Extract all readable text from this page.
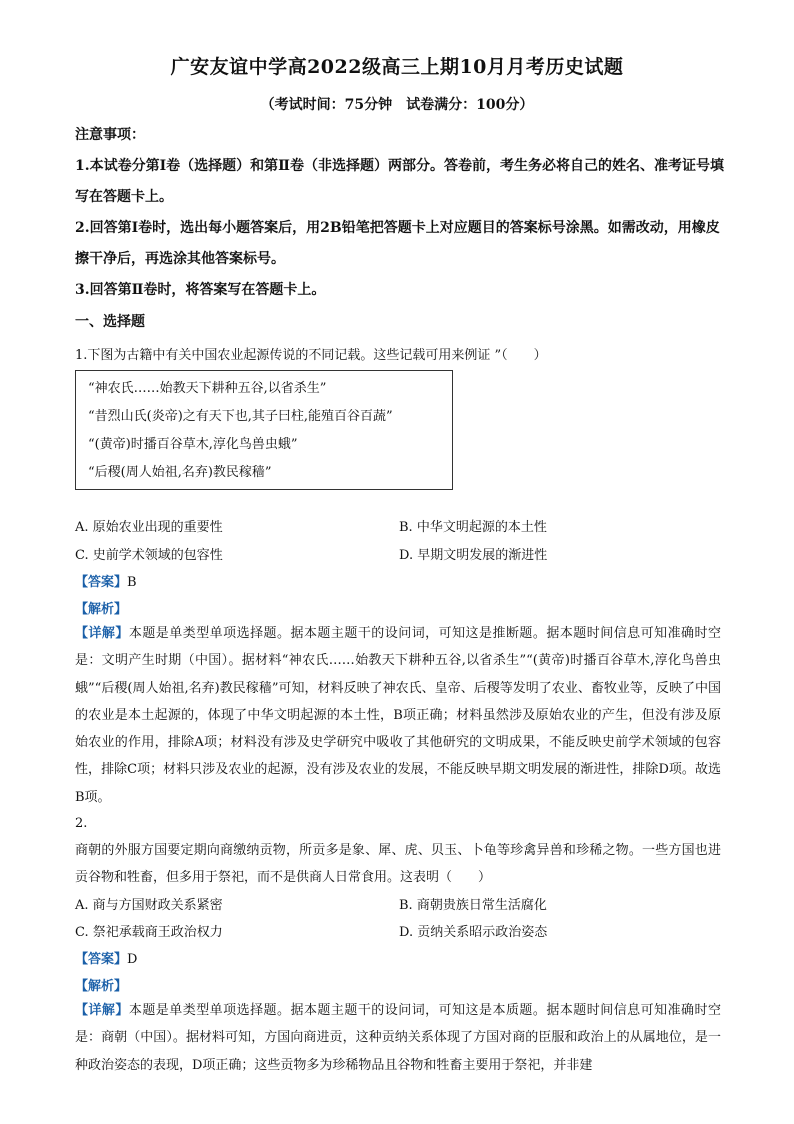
广安友谊中学高2022级高三上期10月月考历史试题
（考试时间：75分钟　试卷满分：100分）
注意事项：
1.本试卷分第Ⅰ卷（选择题）和第Ⅱ卷（非选择题）两部分。答卷前，考生务必将自己的姓名、准考证号填写在答题卡上。
2.回答第Ⅰ卷时，选出每小题答案后，用2B铅笔把答题卡上对应题目的答案标号涂黑。如需改动，用橡皮擦干净后，再选涂其他答案标号。
3.回答第Ⅱ卷时，将答案写在答题卡上。
一、选择题
1.下图为古籍中有关中国农业起源传说的不同记载。这些记载可用来例证 ”（　　）
“神农氏……始教天下耕种五谷,以省杀生”
“昔烈山氏(炎帝)之有天下也,其子曰柱,能殖百谷百蔬”
“(黄帝)时播百谷草木,淳化鸟兽虫蛾”
“后稷(周人始祖,名弃)教民稼穑”
A. 原始农业出现的重要性	B. 中华文明起源的本土性
C. 史前学术领域的包容性	D. 早期文明发展的渐进性
【答案】B
【解析】
【详解】本题是单类型单项选择题。据本题主题干的设问词，可知这是推断题。据本题时间信息可知准确时空是：文明产生时期（中国）。据材料“神农氏……始教天下耕种五谷,以省杀生”“(黄帝)时播百谷草木,淳化鸟兽虫蛾”“后稷(周人始祖,名弃)教民稼穑”可知，材料反映了神农氏、皇帝、后稷等发明了农业、畜牧业等，反映了中国的农业是本土起源的，体现了中华文明起源的本土性，B项正确；材料虽然涉及原始农业的产生，但没有涉及原始农业的作用，排除A项；材料没有涉及史学研究中吸收了其他研究的文明成果，不能反映史前学术领域的包容性，排除C项；材料只涉及农业的起源，没有涉及农业的发展，不能反映早期文明发展的渐进性，排除D项。故选B项。
2.
商朝的外服方国要定期向商缴纳贡物，所贡多是象、犀、虎、贝玉、卜龟等珍禽异兽和珍稀之物。一些方国也进贡谷物和牲畜，但多用于祭祀，而不是供商人日常食用。这表明（　　）
A. 商与方国财政关系紧密	B. 商朝贵族日常生活腐化
C. 祭祀承载商王政治权力	D. 贡纳关系昭示政治姿态
【答案】D
【解析】
【详解】本题是单类型单项选择题。据本题主题干的设问词，可知这是本质题。据本题时间信息可知准确时空是：商朝（中国）。据材料可知，方国向商进贡，这种贡纳关系体现了方国对商的臣服和政治上的从属地位，是一种政治姿态的表现，D项正确；这些贡物多为珍稀物品且谷物和牲畜主要用于祭祀，并非建
